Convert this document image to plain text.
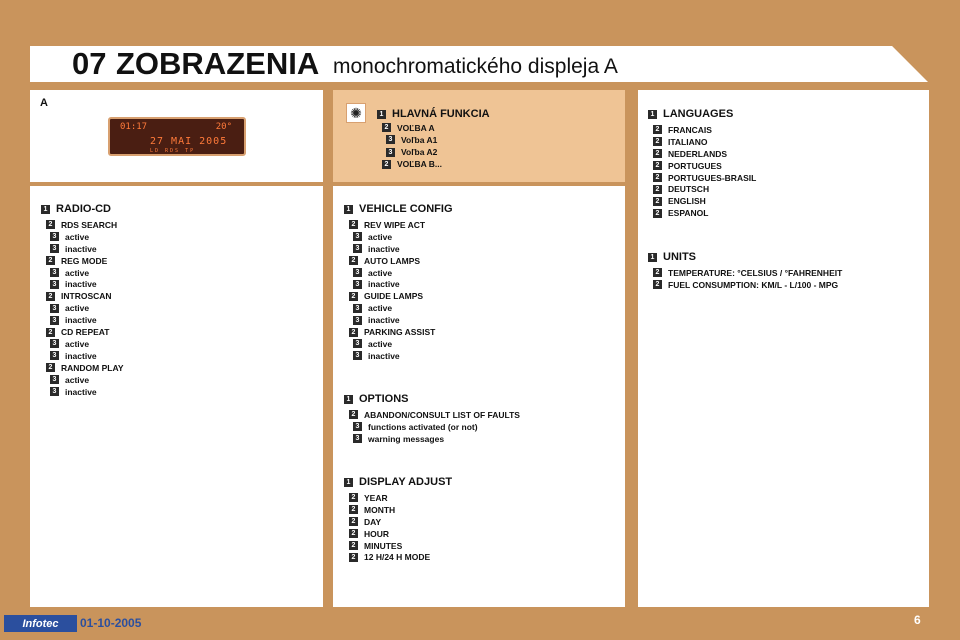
07 ZOBRAZENIA monochromatického displeja A
A
01:17	20°
27 MAI 2005
LD RDS TP
✺	1 HLAVNÁ FUNKCIA
2 VOĽBA A
3 Voľba A1
3 Voľba A2
2 VOĽBA B...
1 RADIO-CD
2 RDS SEARCH
3 active
3 inactive
2 REG MODE
3 active
3 inactive
2 INTROSCAN
3 active
3 inactive
2 CD REPEAT
3 active
3 inactive
2 RANDOM PLAY
3 active
3 inactive
1 VEHICLE CONFIG
2 REV WIPE ACT
3 active
3 inactive
2 AUTO LAMPS
3 active
3 inactive
2 GUIDE LAMPS
3 active
3 inactive
2 PARKING ASSIST
3 active
3 inactive
1 OPTIONS
2 ABANDON/CONSULT LIST OF FAULTS
3 functions activated (or not)
3 warning messages
1 DISPLAY ADJUST
2 YEAR
2 MONTH
2 DAY
2 HOUR
2 MINUTES
2 12 H/24 H MODE
1 LANGUAGES
2 FRANCAIS
2 ITALIANO
2 NEDERLANDS
2 PORTUGUES
2 PORTUGUES-BRASIL
2 DEUTSCH
2 ENGLISH
2 ESPANOL
1 UNITS
2 TEMPERATURE: °CELSIUS / °FAHRENHEIT
2 FUEL CONSUMPTION: KM/L - L/100 - MPG
Infotec	01-10-2005	6
